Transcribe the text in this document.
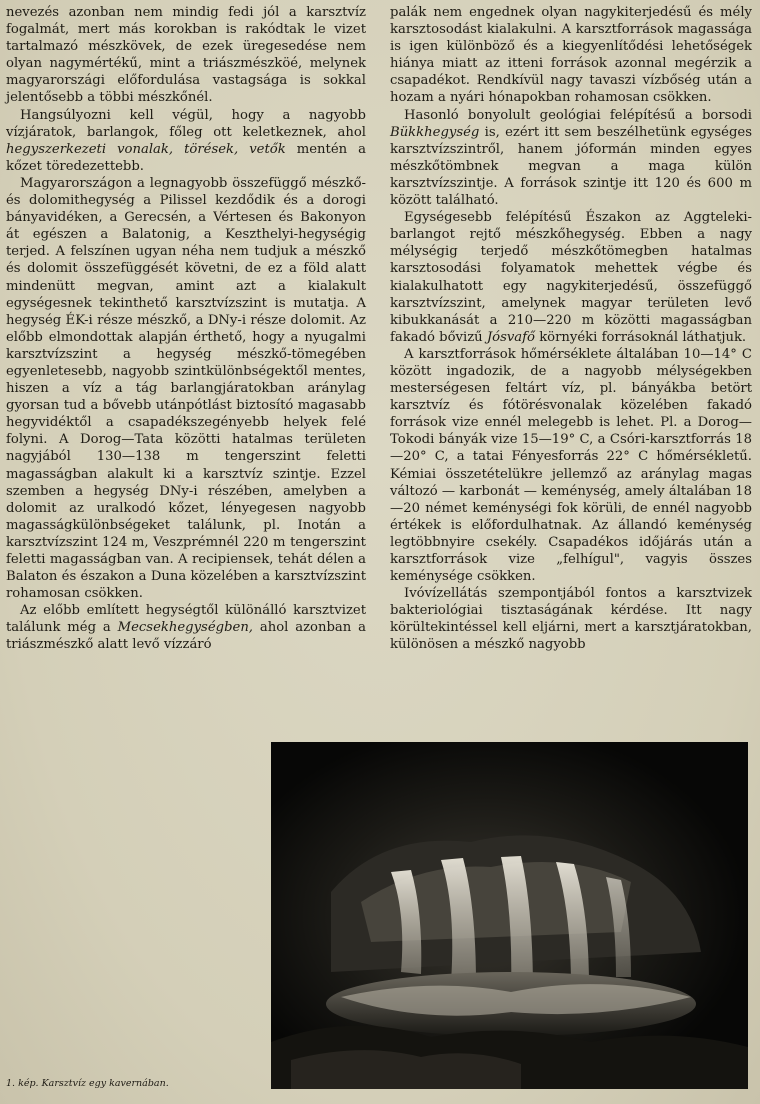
nevezés azonban nem mindig fedi jól a karsztvíz fogalmát, mert más korokban is rakódtak le vizet tartalmazó mészkövek, de ezek üregesedése nem olyan nagymértékű, mint a triászmészköé, melynek magyarországi előfordulása vastagsága is sokkal jelentősebb a többi mészkőnél.

Hangsúlyozni kell végül, hogy a nagyobb vízjáratok, barlangok, főleg ott keletkeznek, ahol hegyszerkezeti vonalak, törések, vetők mentén a kőzet töredezettebb.

Magyarországon a legnagyobb összefüggő mészkő- és dolomithegység a Pilissel kezdődik és a dorogi bányavidéken, a Gerecsén, a Vértesen és Bakonyon át egészen a Balatonig, a Keszthelyi-hegységig terjed. A felszínen ugyan néha nem tudjuk a mészkő és dolomit összefüggését követni, de ez a föld alatt mindenütt megvan, amint azt a kialakult egységesnek tekinthető karsztvízszint is mutatja. A hegység ÉK-i része mészkő, a DNy-i része dolomit. Az előbb elmondottak alapján érthető, hogy a nyugalmi karsztvízszint a hegység mészkő-tömegében egyenletesebb, nagyobb szintkülönbségektől mentes, hiszen a víz a tág barlangjáratokban aránylag gyorsan tud a bővebb utánpótlást biztosító magasabb hegyvidéktől a csapadékszegényebb helyek felé folyni. A Dorog—Tata közötti hatalmas területen nagyjából 130—138 m tengerszint feletti magasságban alakult ki a karsztvíz szintje. Ezzel szemben a hegység DNy-i részében, amelyben a dolomit az uralkodó kőzet, lényegesen nagyobb magasságkülönbségeket találunk, pl. Inotán a karsztvízszint 124 m, Veszprémnél 220 m tengerszint feletti magasságban van. A recipiensek, tehát délen a Balaton és északon a Duna közelében a karsztvízszint rohamosan csökken.

Az előbb említett hegységtől különálló karsztvizet találunk még a Mecsekhegységben, ahol azonban a triászmészkő alatt levő vízzáró

palák nem engednek olyan nagykiterjedésű és mély karsztosodást kialakulni. A karsztforrások magassága is igen különböző és a kiegyenlítődési lehetőségek hiánya miatt az itteni források azonnal megérzik a csapadékot. Rendkívül nagy tavaszi vízbőség után a hozam a nyári hónapokban rohamosan csökken.

Hasonló bonyolult geológiai felépítésű a borsodi Bükkhegység is, ezért itt sem beszélhetünk egységes karsztvízszintről, hanem jóformán minden egyes mészkőtömbnek megvan a maga külön karsztvízszintje. A források szintje itt 120 és 600 m között található.

Egységesebb felépítésű Északon az Aggteleki-barlangot rejtő mészkőhegység. Ebben a nagy mélységig terjedő mészkőtömegben hatalmas karsztosodási folyamatok mehettek végbe és kialakulhatott egy nagykiterjedésű, összefüggő karsztvízszint, amelynek magyar területen levő kibukkanását a 210—220 m közötti magasságban fakadó bővizű Jósvafő környéki forrásoknál láthatjuk.

A karsztforrások hőmérséklete általában 10—14° C között ingadozik, de a nagyobb mélységekben mesterségesen feltárt víz, pl. bányákba betört karsztvíz és fótörésvonalak közelében fakadó források vize ennél melegebb is lehet. Pl. a Dorog—Tokodi bányák vize 15—19° C, a Csóri-karsztforrás 18—20° C, a tatai Fényesforrás 22° C hőmérsékletű. Kémiai összetételükre jellemző az aránylag magas változó — karbonát — keménység, amely általában 18—20 német keménységi fok körüli, de ennél nagyobb értékek is előfordulhatnak. Az állandó keménység legtöbbnyire csekély. Csapadékos időjárás után a karsztforrások vize „felhígul", vagyis összes keménysége csökken.

Ivóvízellátás szempontjából fontos a karsztvizek bakteriológiai tisztaságának kérdése. Itt nagy körültekintéssel kell eljárni, mert a karsztjáratokban, különösen a mészkő nagyobb

1. kép. Karsztvíz egy kavernában.
